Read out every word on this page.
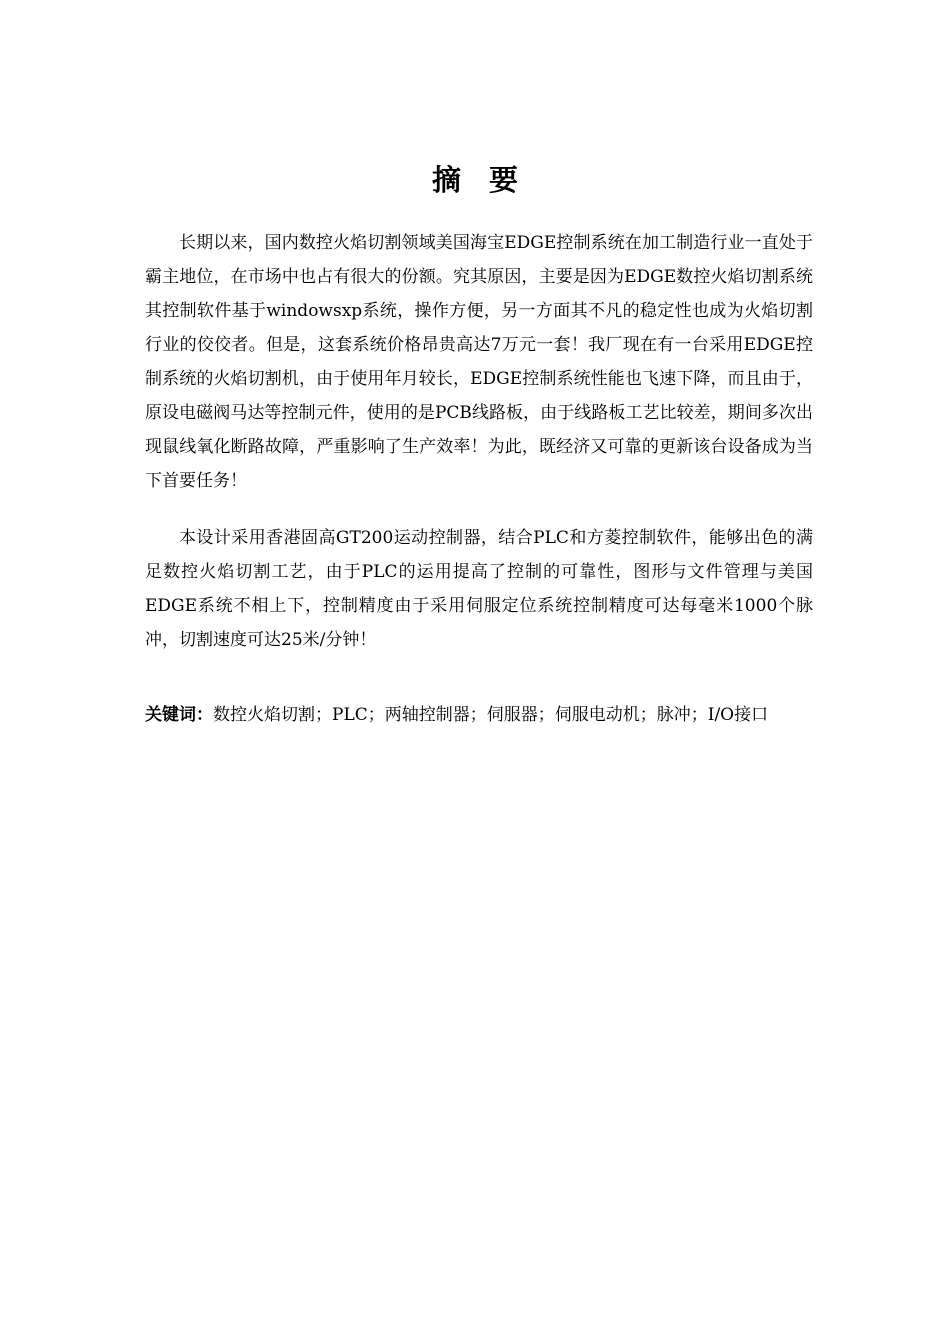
摘 要

长期以来，国内数控火焰切割领域美国海宝EDGE控制系统在加工制造行业一直处于霸主地位，在市场中也占有很大的份额。究其原因，主要是因为EDGE数控火焰切割系统其控制软件基于windowsxp系统，操作方便，另一方面其不凡的稳定性也成为火焰切割行业的佼佼者。但是，这套系统价格昂贵高达7万元一套！我厂现在有一台采用EDGE控制系统的火焰切割机，由于使用年月较长，EDGE控制系统性能也飞速下降，而且由于，原设电磁阀马达等控制元件，使用的是PCB线路板，由于线路板工艺比较差，期间多次出现鼠线氧化断路故障，严重影响了生产效率！为此，既经济又可靠的更新该台设备成为当下首要任务！

本设计采用香港固高GT200运动控制器，结合PLC和方菱控制软件，能够出色的满足数控火焰切割工艺，由于PLC的运用提高了控制的可靠性，图形与文件管理与美国EDGE系统不相上下，控制精度由于采用伺服定位系统控制精度可达每毫米1000个脉冲，切割速度可达25米/分钟！

关键词：数控火焰切割；PLC；两轴控制器；伺服器；伺服电动机；脉冲；I/O接口
